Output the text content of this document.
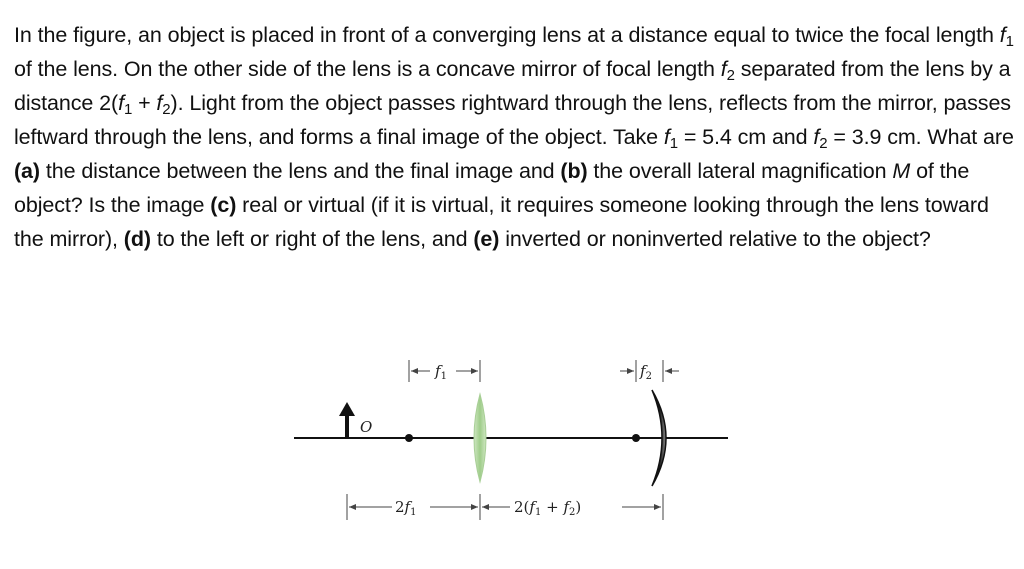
In the figure, an object is placed in front of a converging lens at a distance equal to twice the focal length $f_1$ of the lens. On the other side of the lens is a concave mirror of focal length $f_2$ separated from the lens by a distance $2(f_1 + f_2)$. Light from the object passes rightward through the lens, reflects from the mirror, passes leftward through the lens, and forms a final image of the object. Take $f_1 = 5.4$ cm and $f_2 = 3.9$ cm. What are (a) the distance between the lens and the final image and (b) the overall lateral magnification M of the object? Is the image (c) real or virtual (if it is virtual, it requires someone looking through the lens toward the mirror), (d) to the left or right of the lens, and (e) inverted or noninverted relative to the object?

O
$f_1$	$f_2$
$2f_1$	$2(f_1 + f_2)$
